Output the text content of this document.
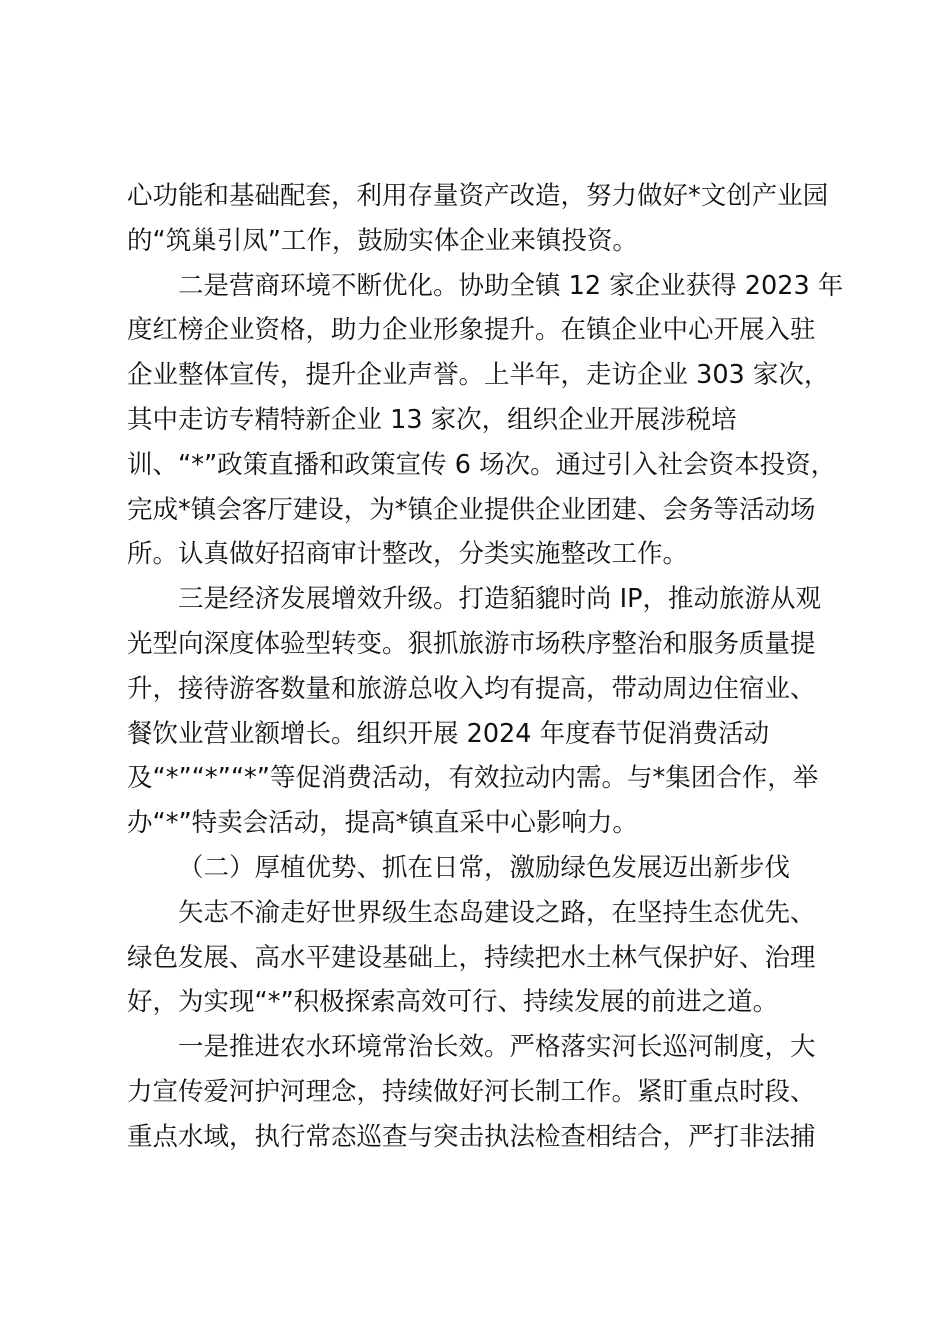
心功能和基础配套，利用存量资产改造，努力做好*文创产业园
的“筑巢引凤”工作，鼓励实体企业来镇投资。
二是营商环境不断优化。协助全镇 12 家企业获得 2023 年
度红榜企业资格，助力企业形象提升。在镇企业中心开展入驻
企业整体宣传，提升企业声誉。上半年，走访企业 303 家次，
其中走访专精特新企业 13 家次，组织企业开展涉税培
训、“*”政策直播和政策宣传 6 场次。通过引入社会资本投资，
完成*镇会客厅建设，为*镇企业提供企业团建、会务等活动场
所。认真做好招商审计整改，分类实施整改工作。
三是经济发展增效升级。打造貊貔时尚 IP，推动旅游从观
光型向深度体验型转变。狠抓旅游市场秩序整治和服务质量提
升，接待游客数量和旅游总收入均有提高，带动周边住宿业、
餐饮业营业额增长。组织开展 2024 年度春节促消费活动
及“*”“*”“*”等促消费活动，有效拉动内需。与*集团合作，举
办“*”特卖会活动，提高*镇直采中心影响力。
（二）厚植优势、抓在日常，激励绿色发展迈出新步伐
矢志不渝走好世界级生态岛建设之路，在坚持生态优先、
绿色发展、高水平建设基础上，持续把水土林气保护好、治理
好，为实现“*”积极探索高效可行、持续发展的前进之道。
一是推进农水环境常治长效。严格落实河长巡河制度，大
力宣传爱河护河理念，持续做好河长制工作。紧盯重点时段、
重点水域，执行常态巡查与突击执法检查相结合，严打非法捕
